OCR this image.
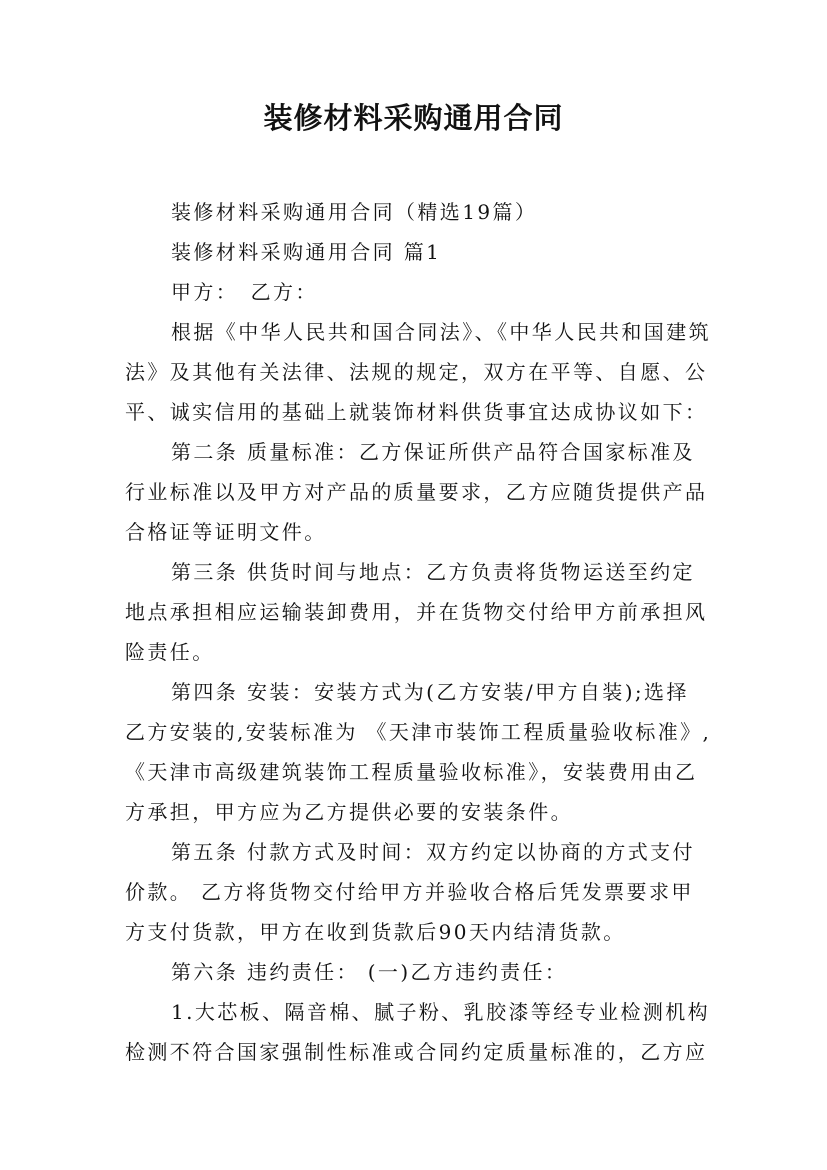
装修材料采购通用合同
装修材料采购通用合同（精选19篇）
装修材料采购通用合同 篇1
甲方：　乙方：
根据《中华人民共和国合同法》、《中华人民共和国建筑
法》及其他有关法律、法规的规定，双方在平等、自愿、公
平、诚实信用的基础上就装饰材料供货事宜达成协议如下：
第二条 质量标准：乙方保证所供产品符合国家标准及
行业标准以及甲方对产品的质量要求，乙方应随货提供产品
合格证等证明文件。
第三条 供货时间与地点：乙方负责将货物运送至约定
地点承担相应运输装卸费用，并在货物交付给甲方前承担风
险责任。
第四条 安装：安装方式为(乙方安装/甲方自装);选择
乙方安装的,安装标准为 《天津市装饰工程质量验收标准》,
《天津市高级建筑装饰工程质量验收标准》，安装费用由乙
方承担，甲方应为乙方提供必要的安装条件。
第五条 付款方式及时间：双方约定以协商的方式支付
价款。 乙方将货物交付给甲方并验收合格后凭发票要求甲
方支付货款，甲方在收到货款后90天内结清货款。
第六条 违约责任： (一)乙方违约责任：
1.大芯板、隔音棉、腻子粉、乳胶漆等经专业检测机构
检测不符合国家强制性标准或合同约定质量标准的，乙方应
